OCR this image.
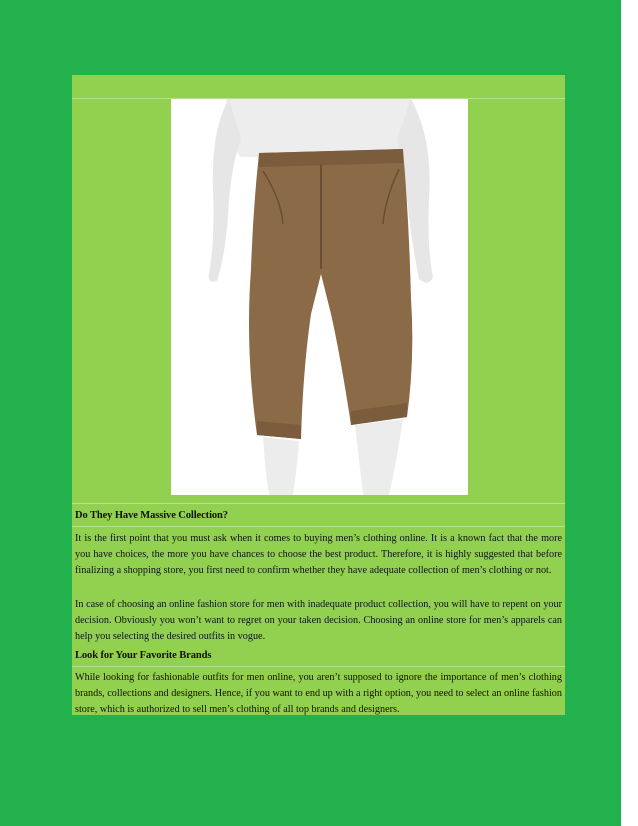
Do They Have Massive Collection?

It is the first point that you must ask when it comes to buying men’s clothing online. It is a known fact that the more you have choices, the more you have chances to choose the best product. Therefore, it is highly suggested that before finalizing a shopping store, you first need to confirm whether they have adequate collection of men’s clothing or not.

In case of choosing an online fashion store for men with inadequate product collection, you will have to repent on your decision. Obviously you won’t want to regret on your taken decision. Choosing an online store for men’s apparels can help you selecting the desired outfits in vogue.

Look for Your Favorite Brands

While looking for fashionable outfits for men online, you aren’t supposed to ignore the importance of men’s clothing brands, collections and designers. Hence, if you want to end up with a right option, you need to select an online fashion store, which is authorized to sell men’s clothing of all top brands and designers.
